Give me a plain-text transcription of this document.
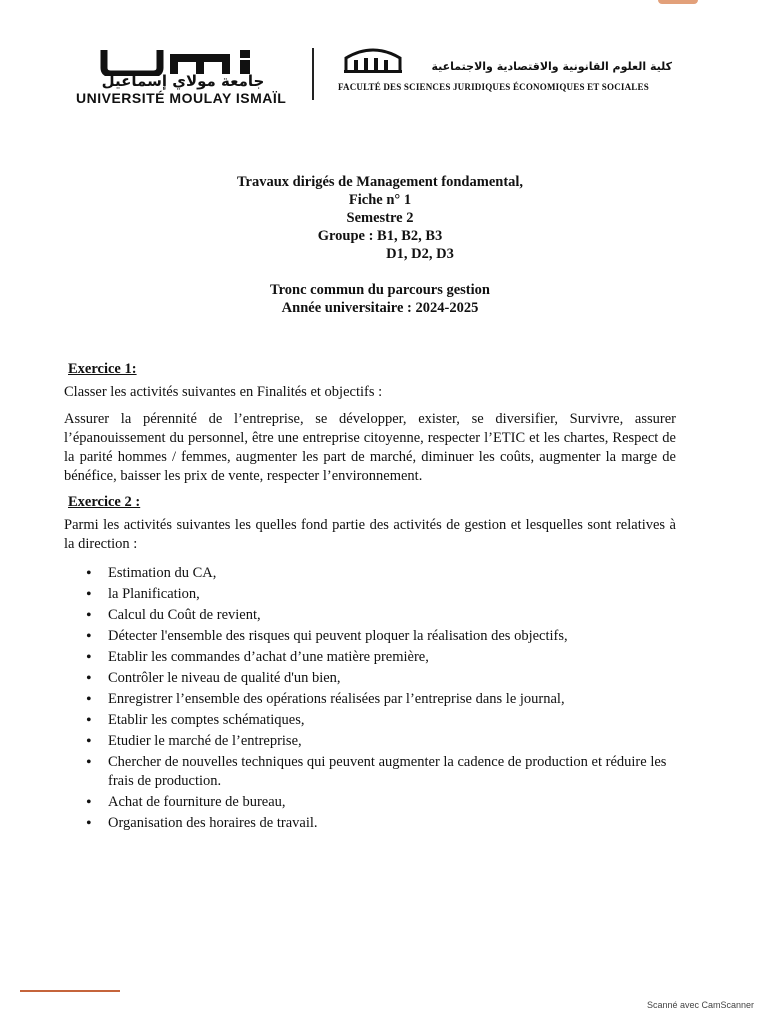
جامعة مولاي إسماعيل
UNIVERSITÉ MOULAY ISMAÏL
كلية العلوم القانونية والاقتصادية والاجتماعية
FACULTÉ DES SCIENCES JURIDIQUES ÉCONOMIQUES ET SOCIALES
Travaux dirigés de Management fondamental,
Fiche n° 1
Semestre 2
Groupe : B1, B2, B3
D1, D2, D3
Tronc commun du parcours gestion
Année universitaire : 2024-2025
Exercice 1:

Classer les activités suivantes en Finalités et objectifs :

Assurer la pérennité de l’entreprise, se développer, exister, se diversifier, Survivre, assurer l’épanouissement du personnel, être une entreprise citoyenne, respecter l’ETIC et les chartes, Respect de la parité hommes / femmes, augmenter les part de marché, diminuer les coûts, augmenter la marge de bénéfice, baisser les prix de vente, respecter l’environnement.

Exercice 2 :

Parmi les activités suivantes les quelles fond partie des activités de gestion et lesquelles sont relatives à la direction :

• Estimation du CA,
• la Planification,
• Calcul du Coût de revient,
• Détecter l'ensemble des risques qui peuvent ploquer la réalisation des objectifs,
• Etablir les commandes d’achat d’une matière première,
• Contrôler le niveau de qualité d'un bien,
• Enregistrer l’ensemble des opérations réalisées par l’entreprise dans le journal,
• Etablir les comptes schématiques,
• Etudier le marché de l’entreprise,
• Chercher de nouvelles techniques qui peuvent augmenter la cadence de production et réduire les frais de production.
• Achat de fourniture de bureau,
• Organisation des horaires de travail.
Scanné avec CamScanner
